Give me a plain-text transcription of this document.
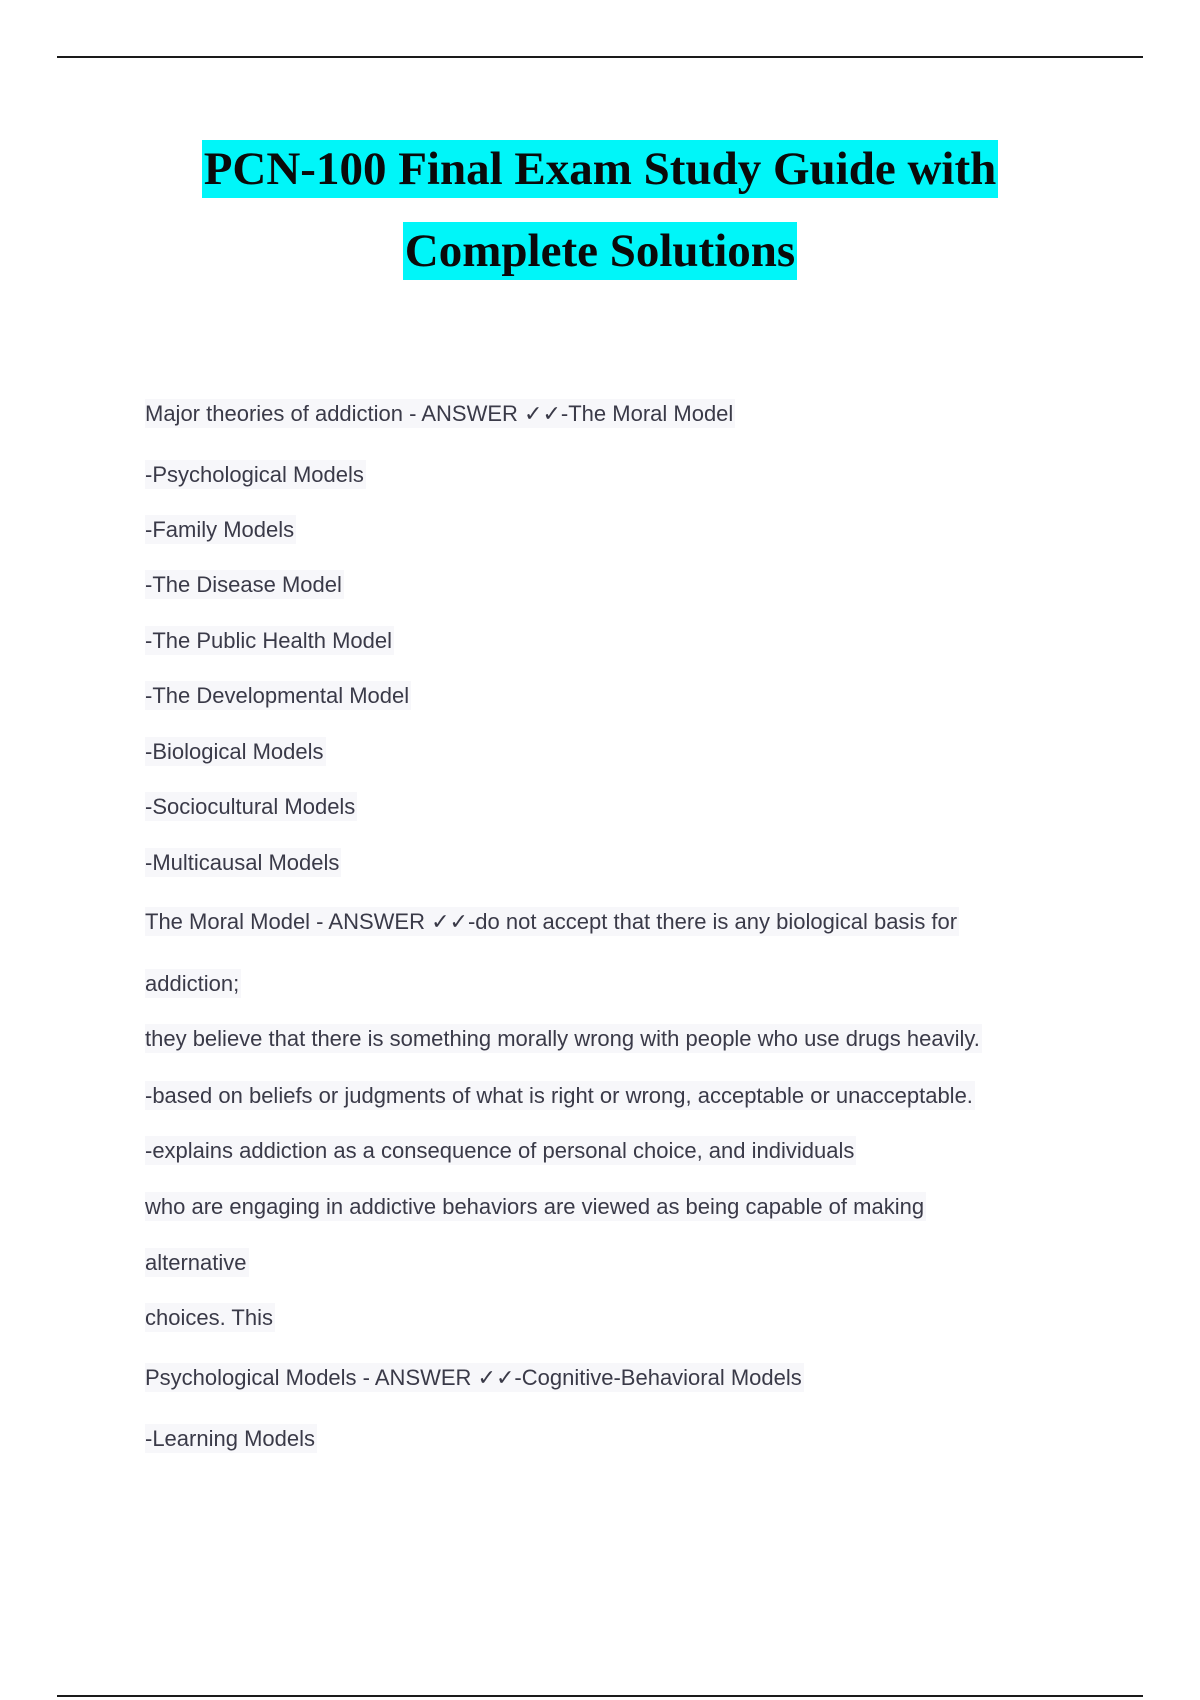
PCN-100 Final Exam Study Guide with
Complete Solutions
Major theories of addiction - ANSWER ✓✓-The Moral Model
-Psychological Models
-Family Models
-The Disease Model
-The Public Health Model
-The Developmental Model
-Biological Models
-Sociocultural Models
-Multicausal Models
The Moral Model - ANSWER ✓✓-do not accept that there is any biological basis for
addiction;
they believe that there is something morally wrong with people who use drugs heavily.
-based on beliefs or judgments of what is right or wrong, acceptable or unacceptable.
-explains addiction as a consequence of personal choice, and individuals
who are engaging in addictive behaviors are viewed as being capable of making
alternative
choices. This
Psychological Models - ANSWER ✓✓-Cognitive-Behavioral Models
-Learning Models
